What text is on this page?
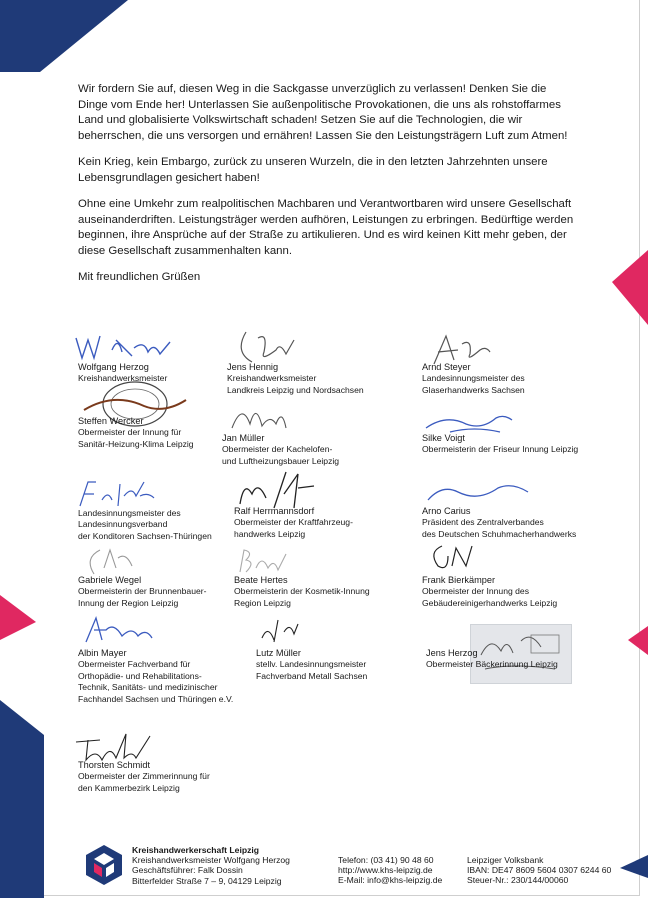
Wir fordern Sie auf, diesen Weg in die Sackgasse unverzüglich zu verlassen! Denken Sie die Dinge vom Ende her! Unterlassen Sie außenpolitische Provokationen, die uns als rohstoffarmes Land und globalisierte Volkswirtschaft schaden! Setzen Sie auf die Technologien, die wir beherrschen, die uns versorgen und ernähren! Lassen Sie den Leistungsträgern Luft zum Atmen!

Kein Krieg, kein Embargo, zurück zu unseren Wurzeln, die in den letzten Jahrzehnten unsere Lebensgrundlagen gesichert haben!

Ohne eine Umkehr zum realpolitischen Machbaren und Verantwortbaren wird unsere Gesellschaft auseinanderdriften. Leistungsträger werden aufhören, Leistungen zu erbringen. Bedürftige werden beginnen, ihre Ansprüche auf der Straße zu artikulieren. Und es wird keinen Kitt mehr geben, der diese Gesellschaft zusammenhalten kann.

Mit freundlichen Grüßen

Wolfgang Herzog
Kreishandwerksmeister
Jens Hennig
Kreishandwerksmeister
Landkreis Leipzig und Nordsachsen
Arnd Steyer
Landesinnungsmeister des
Glaserhandwerks Sachsen
Steffen Wercker
Obermeister der Innung für
Sanitär-Heizung-Klima Leipzig
Jan Müller
Obermeister der Kachelofen-
und Luftheizungsbauer Leipzig
Silke Voigt
Obermeisterin der Friseur Innung Leipzig
Landesinnungsmeister des
Landesinnungsverband
der Konditoren Sachsen-Thüringen
Ralf Herrmannsdorf
Obermeister der Kraftfahrzeug-
handwerks Leipzig
Arno Carius
Präsident des Zentralverbandes
des Deutschen Schuhmacherhandwerks
Gabriele Wegel
Obermeisterin der Brunnenbauer-
Innung der Region Leipzig
Beate Hertes
Obermeisterin der Kosmetik-Innung
Region Leipzig
Frank Bierkämper
Obermeister der Innung des
Gebäudereinigerhandwerks Leipzig
Albin Mayer
Obermeister Fachverband für
Orthopädie- und Rehabilitations-
Technik, Sanitäts- und medizinischer
Fachhandel Sachsen und Thüringen e.V.
Lutz Müller
stellv. Landesinnungsmeister
Fachverband Metall Sachsen
Jens Herzog
Obermeister Bäckerinnung Leipzig
Thorsten Schmidt
Obermeister der Zimmerinnung für
den Kammerbezirk Leipzig
Kreishandwerkerschaft Leipzig
Kreishandwerksmeister Wolfgang Herzog
Geschäftsführer: Falk Dossin
Bitterfelder Straße 7 – 9, 04129 Leipzig
Telefon: (03 41) 90 48 60
http://www.khs-leipzig.de
E-Mail: info@khs-leipzig.de
Leipziger Volksbank
IBAN: DE47 8609 5604 0307 6244 60
Steuer-Nr.: 230/144/00060
